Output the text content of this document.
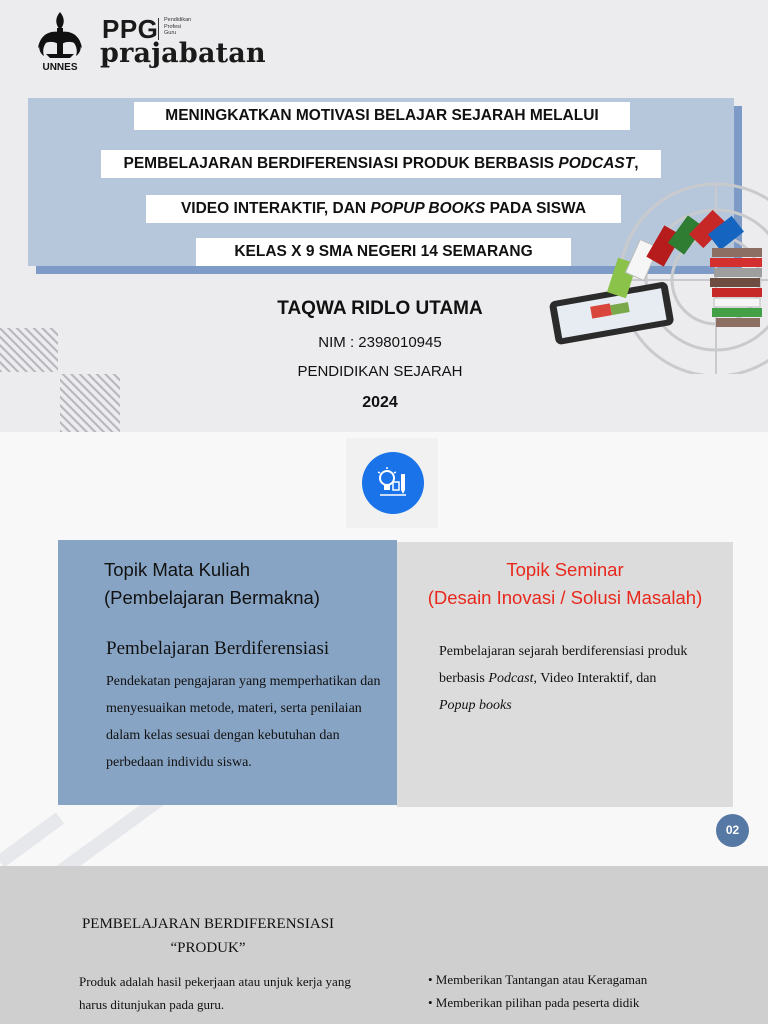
UNNES
PPG Pendidikan
Profesi
Guru
prajabatan
MENINGKATKAN MOTIVASI BELAJAR SEJARAH MELALUI
PEMBELAJARAN BERDIFERENSIASI PRODUK BERBASIS PODCAST,
VIDEO INTERAKTIF, DAN POPUP BOOKS PADA SISWA
KELAS X 9 SMA NEGERI 14 SEMARANG
TAQWA RIDLO UTAMA
NIM : 2398010945
PENDIDIKAN SEJARAH
2024
Topik Mata Kuliah
(Pembelajaran Bermakna)
Pembelajaran Berdiferensiasi
Pendekatan pengajaran yang memperhatikan dan menyesuaikan metode, materi, serta penilaian dalam kelas sesuai dengan kebutuhan dan perbedaan individu siswa.
Topik Seminar
(Desain Inovasi / Solusi Masalah)
Pembelajaran sejarah berdiferensiasi produk berbasis Podcast, Video Interaktif, dan
Popup books
02
PEMBELAJARAN BERDIFERENSIASI
“PRODUK”
Produk adalah hasil pekerjaan atau unjuk kerja yang harus ditunjukan pada guru.
• Memberikan Tantangan atau Keragaman
• Memberikan pilihan pada peserta didik
